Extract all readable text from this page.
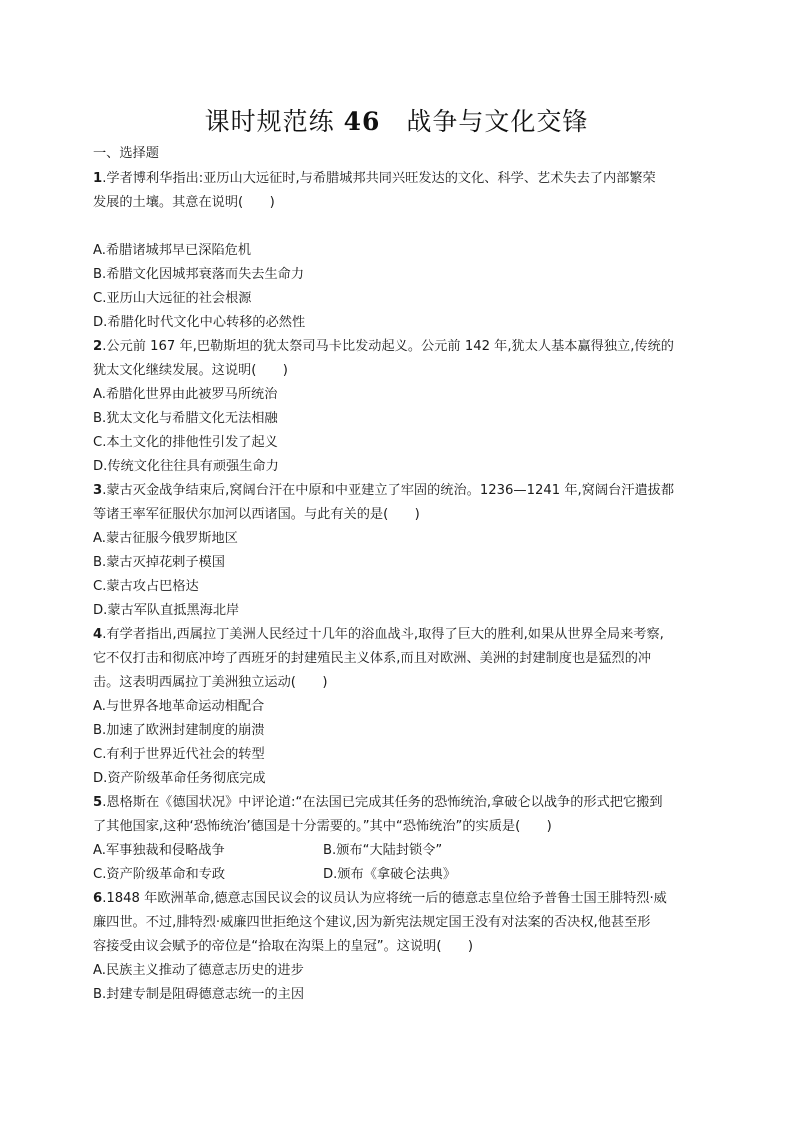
课时规范练 46　战争与文化交锋
一、选择题
1.学者博利华指出:亚历山大远征时,与希腊城邦共同兴旺发达的文化、科学、艺术失去了内部繁荣
发展的土壤。其意在说明(　　)
A.希腊诸城邦早已深陷危机
B.希腊文化因城邦衰落而失去生命力
C.亚历山大远征的社会根源
D.希腊化时代文化中心转移的必然性
2.公元前 167 年,巴勒斯坦的犹太祭司马卡比发动起义。公元前 142 年,犹太人基本赢得独立,传统的
犹太文化继续发展。这说明(　　)
A.希腊化世界由此被罗马所统治
B.犹太文化与希腊文化无法相融
C.本土文化的排他性引发了起义
D.传统文化往往具有顽强生命力
3.蒙古灭金战争结束后,窝阔台汗在中原和中亚建立了牢固的统治。1236—1241 年,窝阔台汗遣拔都
等诸王率军征服伏尔加河以西诸国。与此有关的是(　　)
A.蒙古征服今俄罗斯地区
B.蒙古灭掉花剌子模国
C.蒙古攻占巴格达
D.蒙古军队直抵黑海北岸
4.有学者指出,西属拉丁美洲人民经过十几年的浴血战斗,取得了巨大的胜利,如果从世界全局来考察,
它不仅打击和彻底冲垮了西班牙的封建殖民主义体系,而且对欧洲、美洲的封建制度也是猛烈的冲
击。这表明西属拉丁美洲独立运动(　　)
A.与世界各地革命运动相配合
B.加速了欧洲封建制度的崩溃
C.有利于世界近代社会的转型
D.资产阶级革命任务彻底完成
5.恩格斯在《德国状况》中评论道:“在法国已完成其任务的恐怖统治,拿破仑以战争的形式把它搬到
了其他国家,这种‘恐怖统治’德国是十分需要的。”其中“恐怖统治”的实质是(　　)
A.军事独裁和侵略战争	B.颁布“大陆封锁令”
C.资产阶级革命和专政	D.颁布《拿破仑法典》
6.1848 年欧洲革命,德意志国民议会的议员认为应将统一后的德意志皇位给予普鲁士国王腓特烈·威
廉四世。不过,腓特烈·威廉四世拒绝这个建议,因为新宪法规定国王没有对法案的否决权,他甚至形
容接受由议会赋予的帝位是“拾取在沟渠上的皇冠”。这说明(　　)
A.民族主义推动了德意志历史的进步
B.封建专制是阻碍德意志统一的主因
